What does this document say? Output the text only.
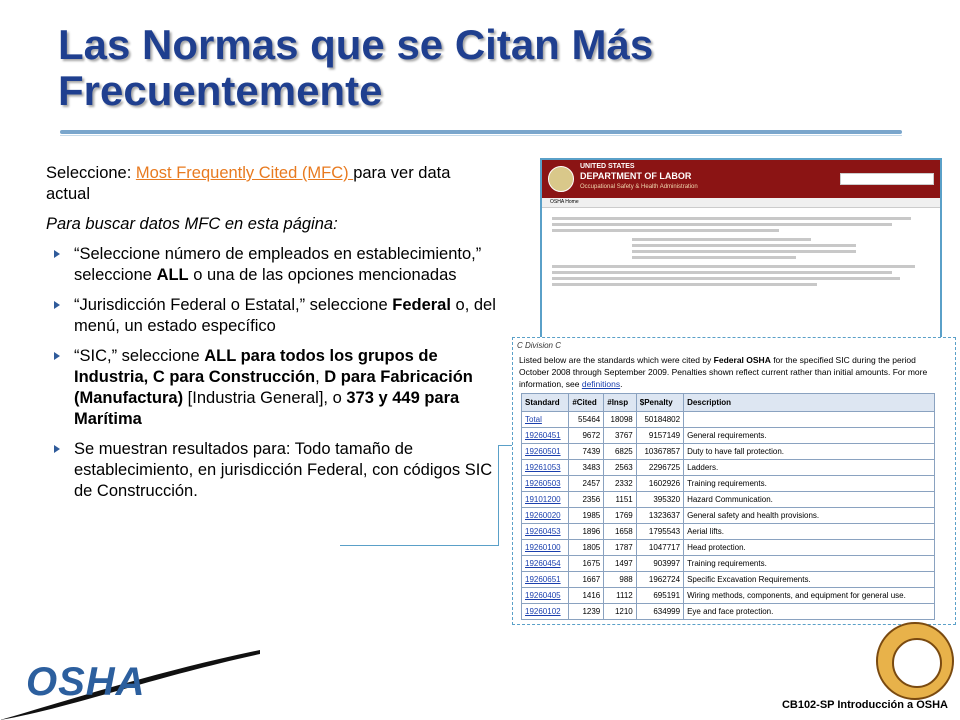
Las Normas que se Citan Más Frecuentemente

Seleccione: Most Frequently Cited (MFC) para ver data actual

Para buscar datos MFC en esta página:

“Seleccione número de empleados en establecimiento,” seleccione ALL o una de las opciones mencionadas
“Jurisdicción Federal o Estatal,” seleccione Federal o, del menú, un estado específico
“SIC,” seleccione ALL para todos los grupos de Industria, C para Construcción, D para Fabricación (Manufactura) [Industria General], o 373 y 449 para Marítima
Se muestran resultados para: Todo tamaño de establecimiento, en jurisdicción Federal, con códigos SIC de Construcción.
UNITED STATES
DEPARTMENT OF LABOR
Occupational Safety & Health Administration
OSHA Home
C Division C
Listed below are the standards which were cited by Federal OSHA for the specified SIC during the period October 2008 through September 2009. Penalties shown reflect current rather than initial amounts. For more information, see definitions.
Standard	#Cited	#Insp	$Penalty	Description
Total	55464	18098	50184802	
19260451	9672	3767	9157149	General requirements.
19260501	7439	6825	10367857	Duty to have fall protection.
19261053	3483	2563	2296725	Ladders.
19260503	2457	2332	1602926	Training requirements.
19101200	2356	1151	395320	Hazard Communication.
19260020	1985	1769	1323637	General safety and health provisions.
19260453	1896	1658	1795543	Aerial lifts.
19260100	1805	1787	1047717	Head protection.
19260454	1675	1497	903997	Training requirements.
19260651	1667	988	1962724	Specific Excavation Requirements.
19260405	1416	1112	695191	Wiring methods, components, and equipment for general use.
19260102	1239	1210	634999	Eye and face protection.
OSHA
CB102-SP Introducción a OSHA
